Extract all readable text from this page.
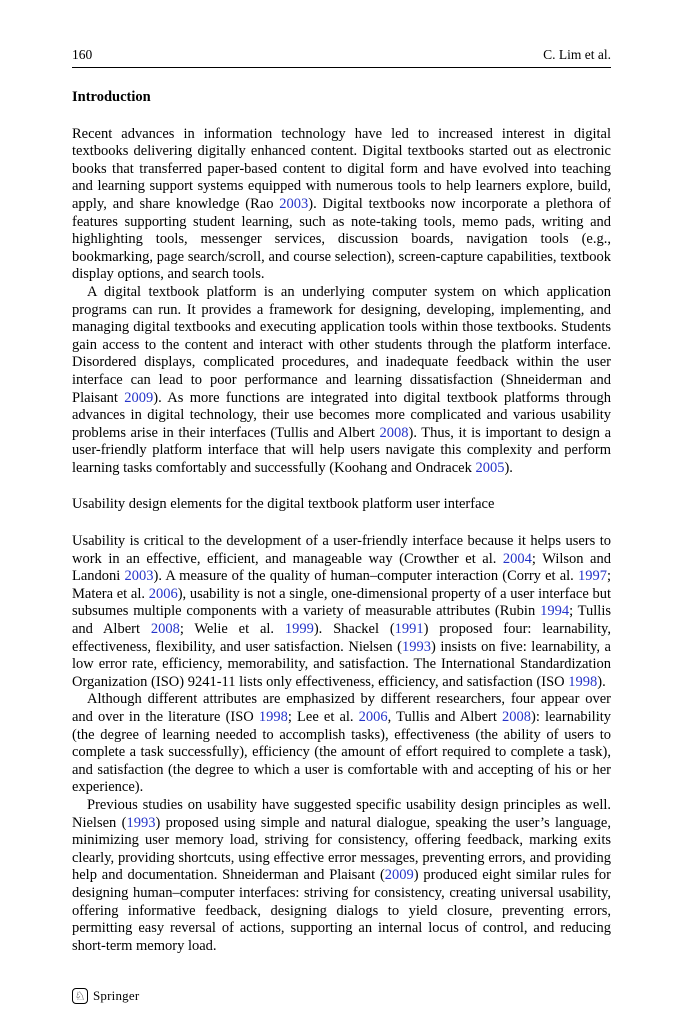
160	C. Lim et al.
Introduction

Recent advances in information technology have led to increased interest in digital textbooks delivering digitally enhanced content. Digital textbooks started out as electronic books that transferred paper-based content to digital form and have evolved into teaching and learning support systems equipped with numerous tools to help learners explore, build, apply, and share knowledge (Rao 2003). Digital textbooks now incorporate a plethora of features supporting student learning, such as note-taking tools, memo pads, writing and highlighting tools, messenger services, discussion boards, navigation tools (e.g., bookmarking, page search/scroll, and course selection), screen-capture capabilities, textbook display options, and search tools.

A digital textbook platform is an underlying computer system on which application programs can run. It provides a framework for designing, developing, implementing, and managing digital textbooks and executing application tools within those textbooks. Students gain access to the content and interact with other students through the platform interface. Disordered displays, complicated procedures, and inadequate feedback within the user interface can lead to poor performance and learning dissatisfaction (Shneiderman and Plaisant 2009). As more functions are integrated into digital textbook platforms through advances in digital technology, their use becomes more complicated and various usability problems arise in their interfaces (Tullis and Albert 2008). Thus, it is important to design a user-friendly platform interface that will help users navigate this complexity and perform learning tasks comfortably and successfully (Koohang and Ondracek 2005).

Usability design elements for the digital textbook platform user interface

Usability is critical to the development of a user-friendly interface because it helps users to work in an effective, efficient, and manageable way (Crowther et al. 2004; Wilson and Landoni 2003). A measure of the quality of human–computer interaction (Corry et al. 1997; Matera et al. 2006), usability is not a single, one-dimensional property of a user interface but subsumes multiple components with a variety of measurable attributes (Rubin 1994; Tullis and Albert 2008; Welie et al. 1999). Shackel (1991) proposed four: learnability, effectiveness, flexibility, and user satisfaction. Nielsen (1993) insists on five: learnability, a low error rate, efficiency, memorability, and satisfaction. The International Standardization Organization (ISO) 9241-11 lists only effectiveness, efficiency, and satisfaction (ISO 1998).

Although different attributes are emphasized by different researchers, four appear over and over in the literature (ISO 1998; Lee et al. 2006, Tullis and Albert 2008): learnability (the degree of learning needed to accomplish tasks), effectiveness (the ability of users to complete a task successfully), efficiency (the amount of effort required to complete a task), and satisfaction (the degree to which a user is comfortable with and accepting of his or her experience).

Previous studies on usability have suggested specific usability design principles as well. Nielsen (1993) proposed using simple and natural dialogue, speaking the user’s language, minimizing user memory load, striving for consistency, offering feedback, marking exits clearly, providing shortcuts, using effective error messages, preventing errors, and providing help and documentation. Shneiderman and Plaisant (2009) produced eight similar rules for designing human–computer interfaces: striving for consistency, creating universal usability, offering informative feedback, designing dialogs to yield closure, preventing errors, permitting easy reversal of actions, supporting an internal locus of control, and reducing short-term memory load.

♘ Springer
